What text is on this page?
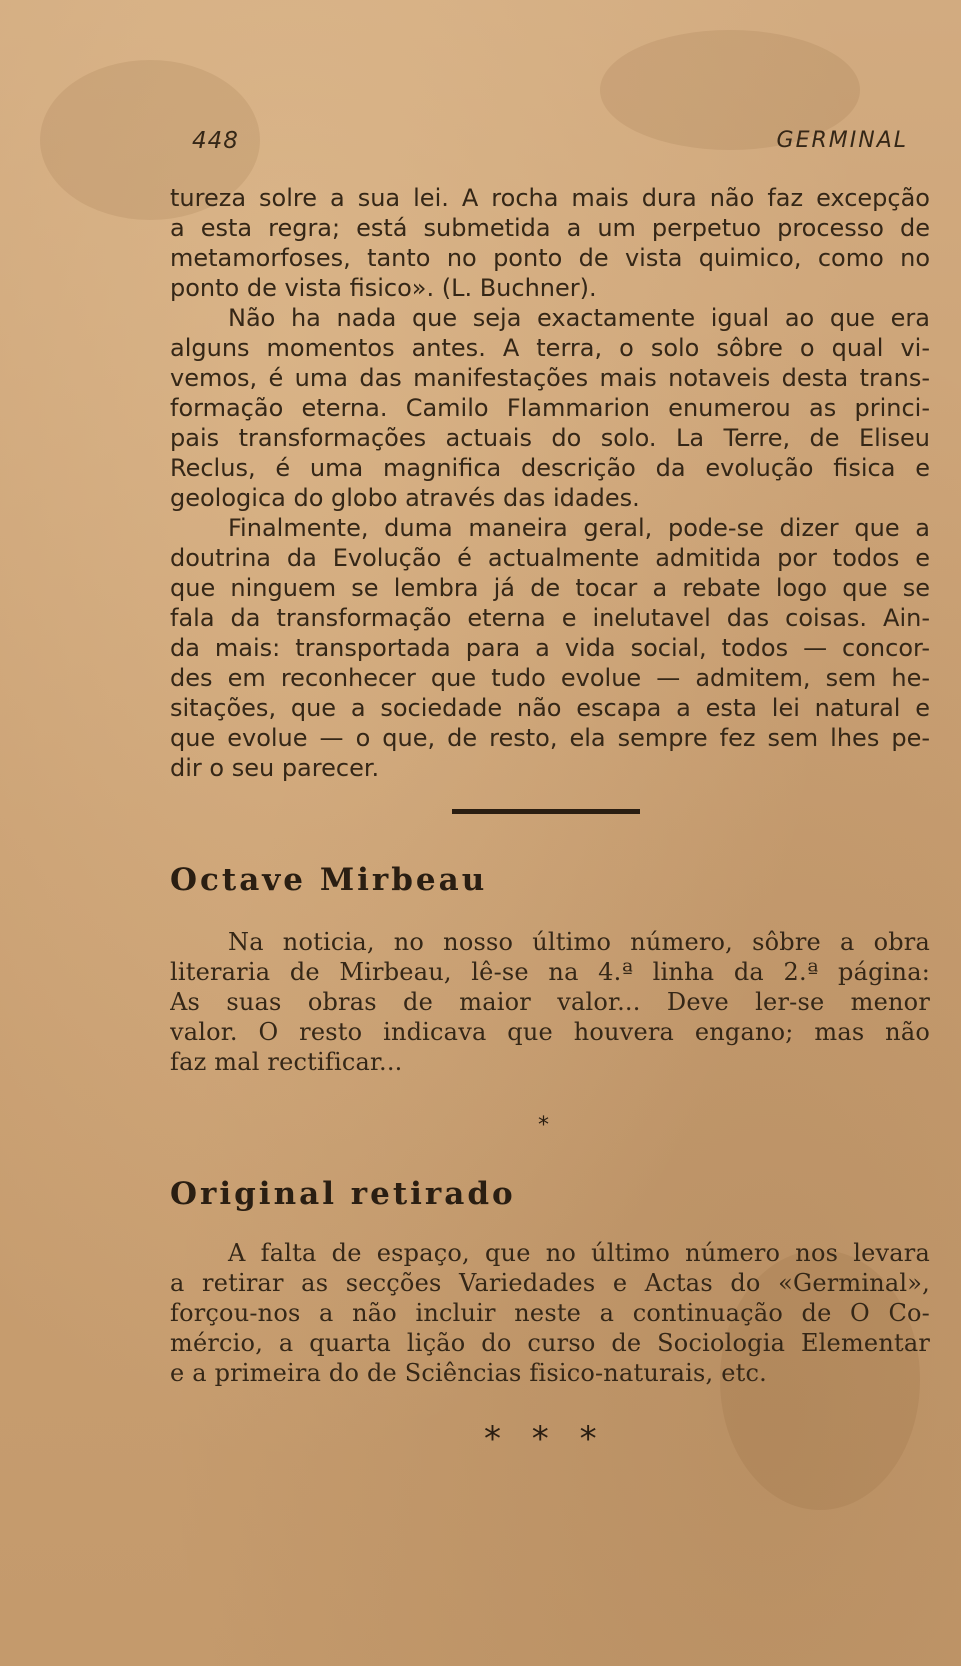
448	GERMINAL
tureza solre a sua lei. A rocha mais dura não faz excepção
a esta regra; está submetida a um perpetuo processo de
metamorfoses, tanto no ponto de vista quimico, como no
ponto de vista fisico». (L. Buchner).
Não ha nada que seja exactamente igual ao que era
alguns momentos antes. A terra, o solo sôbre o qual vi-
vemos, é uma das manifestações mais notaveis desta trans-
formação eterna. Camilo Flammarion enumerou as princi-
pais transformações actuais do solo. La Terre, de Eliseu
Reclus, é uma magnifica descrição da evolução fisica e
geologica do globo através das idades.
Finalmente, duma maneira geral, pode-se dizer que a
doutrina da Evolução é actualmente admitida por todos e
que ninguem se lembra já de tocar a rebate logo que se
fala da transformação eterna e inelutavel das coisas. Ain-
da mais: transportada para a vida social, todos — concor-
des em reconhecer que tudo evolue — admitem, sem he-
sitações, que a sociedade não escapa a esta lei natural e
que evolue — o que, de resto, ela sempre fez sem lhes pe-
dir o seu parecer.
Octave Mirbeau
Na noticia, no nosso último número, sôbre a obra
literaria de Mirbeau, lê-se na 4.ª linha da 2.ª página:
As suas obras de maior valor... Deve ler-se menor
valor. O resto indicava que houvera engano; mas não
faz mal rectificar...
*
Original retirado
A falta de espaço, que no último número nos levara
a retirar as secções Variedades e Actas do «Germinal»,
forçou-nos a não incluir neste a continuação de O Co-
mércio, a quarta lição do curso de Sociologia Elementar
e a primeira do de Sciências fisico-naturais, etc.
* * *
